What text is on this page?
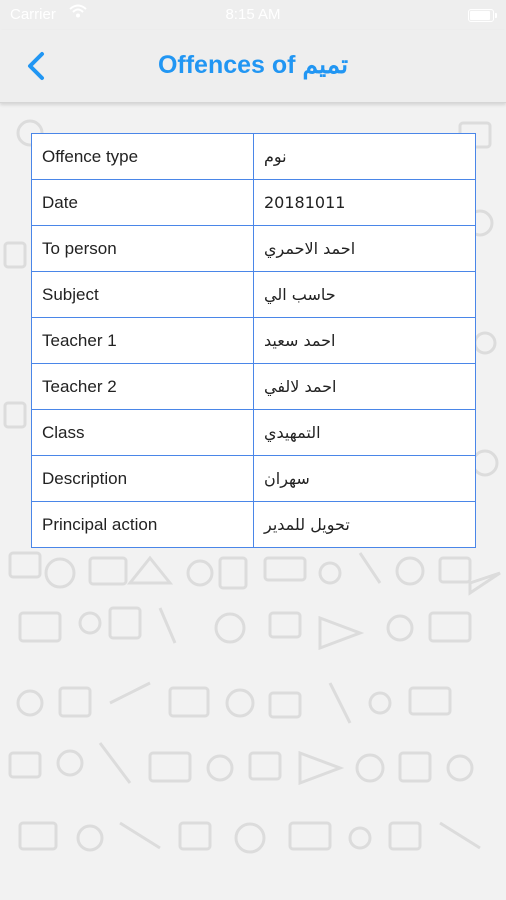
Carrier	8:15 AM
Offences of تميم
Offence type	نوم
Date	20181011
To person	احمد الاحمري
Subject	حاسب الي
Teacher 1	احمد سعيد
Teacher 2	احمد لالفي
Class	التمهيدي
Description	سهران
Principal action	تحويل للمدير
